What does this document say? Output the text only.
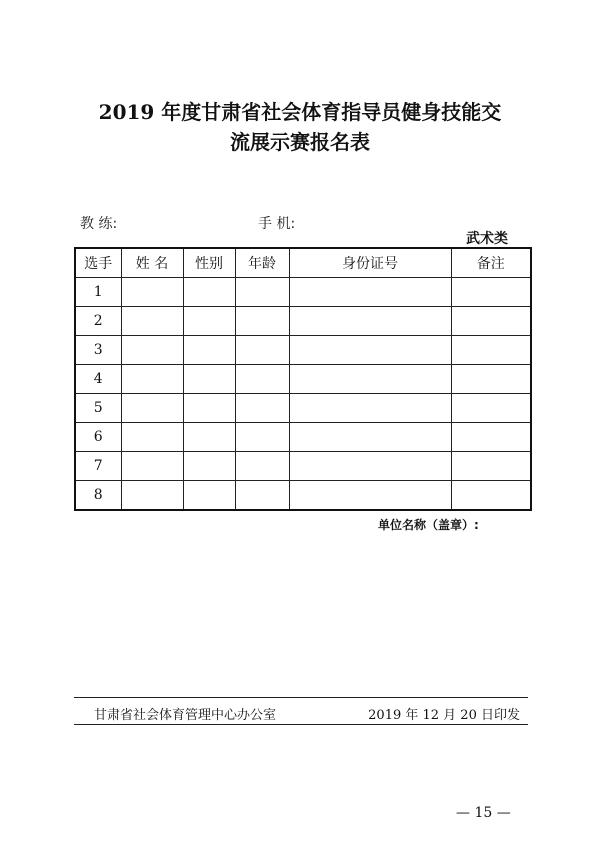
2019 年度甘肃省社会体育指导员健身技能交
流展示赛报名表
教 练:	手 机:
武术类
选手	姓 名	性别	年龄	身份证号	备注
1					
2					
3					
4					
5					
6					
7					
8					
单位名称（盖章）:
甘肃省社会体育管理中心办公室	2019 年 12 月 20 日印发
— 15 —
